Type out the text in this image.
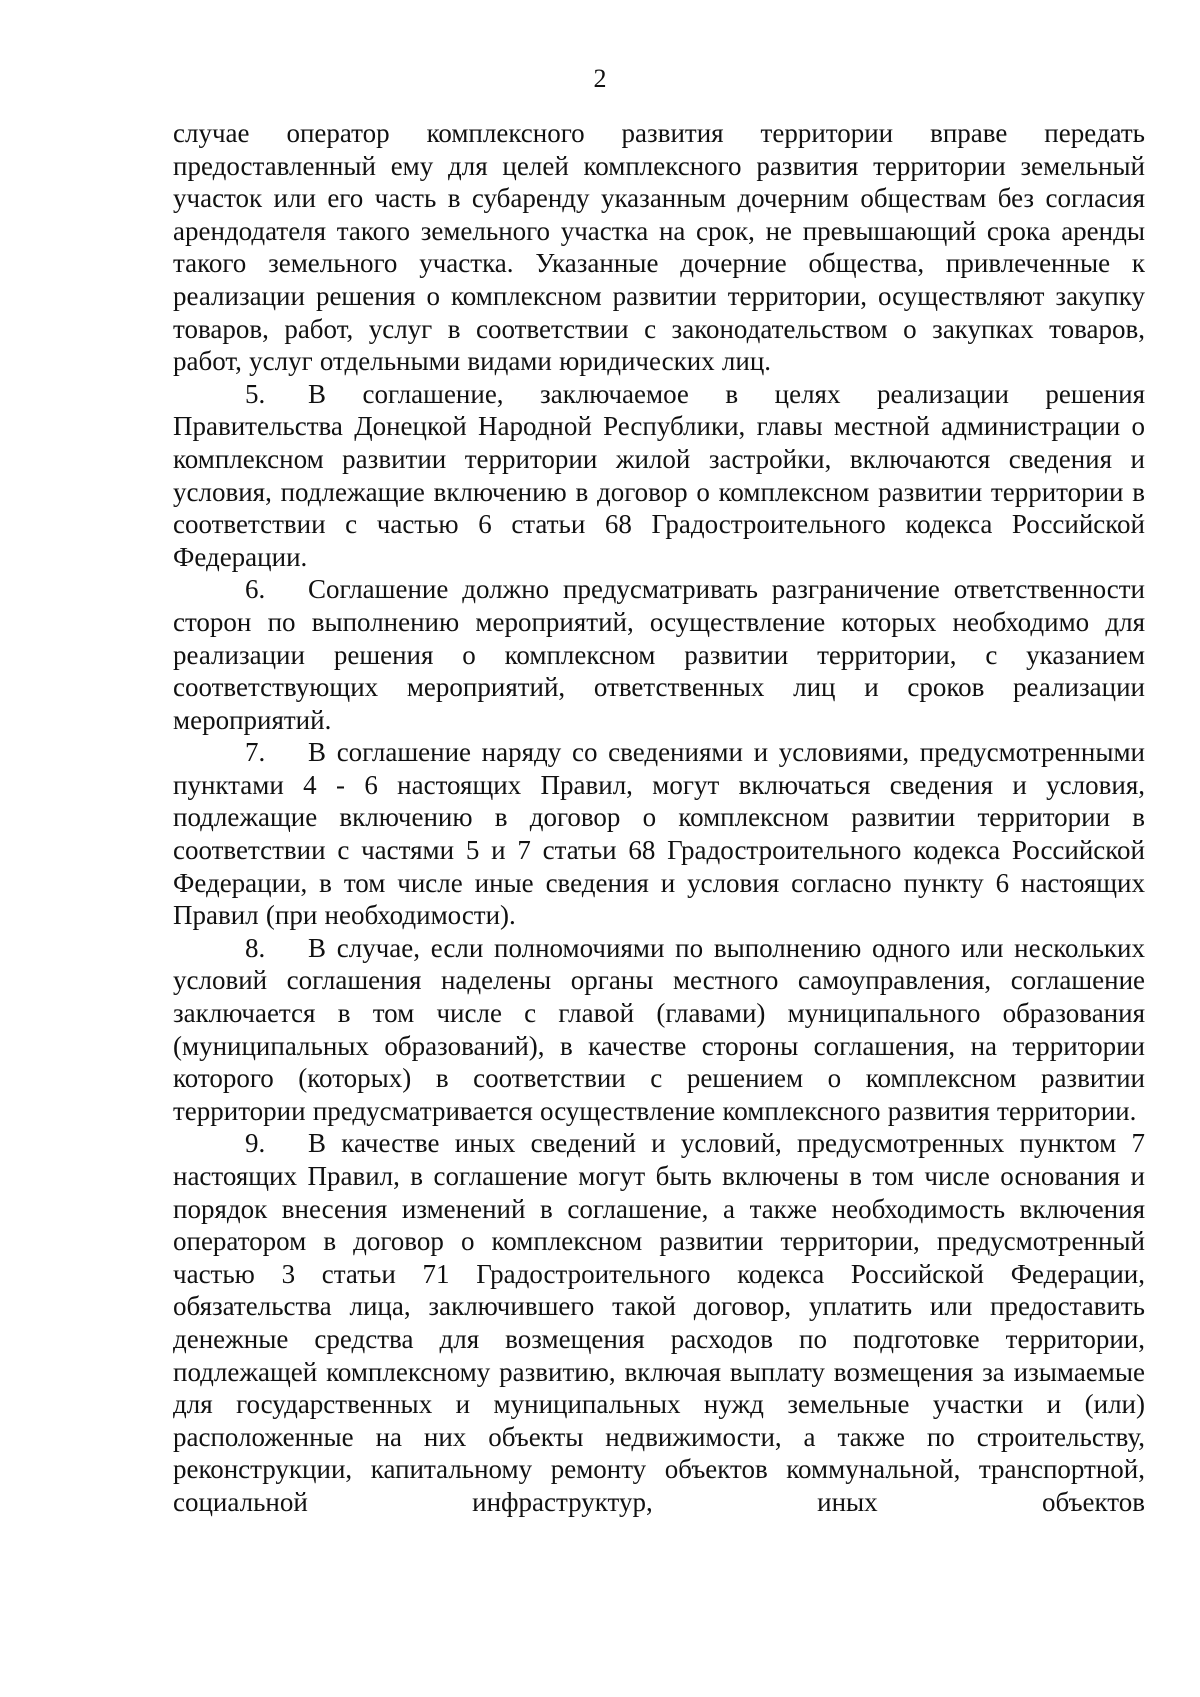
2

случае оператор комплексного развития территории вправе передать предоставленный ему для целей комплексного развития территории земельный участок или его часть в субаренду указанным дочерним обществам без согласия арендодателя такого земельного участка на срок, не превышающий срока аренды такого земельного участка. Указанные дочерние общества, привлеченные к реализации решения о комплексном развитии территории, осуществляют закупку товаров, работ, услуг в соответствии с законодательством о закупках товаров, работ, услуг отдельными видами юридических лиц.

5. В соглашение, заключаемое в целях реализации решения Правительства Донецкой Народной Республики, главы местной администрации о комплексном развитии территории жилой застройки, включаются сведения и условия, подлежащие включению в договор о комплексном развитии территории в соответствии с частью 6 статьи 68 Градостроительного кодекса Российской Федерации.

6. Соглашение должно предусматривать разграничение ответственности сторон по выполнению мероприятий, осуществление которых необходимо для реализации решения о комплексном развитии территории, с указанием соответствующих мероприятий, ответственных лиц и сроков реализации мероприятий.

7. В соглашение наряду со сведениями и условиями, предусмотренными пунктами 4 - 6 настоящих Правил, могут включаться сведения и условия, подлежащие включению в договор о комплексном развитии территории в соответствии с частями 5 и 7 статьи 68 Градостроительного кодекса Российской Федерации, в том числе иные сведения и условия согласно пункту 6 настоящих Правил (при необходимости).

8. В случае, если полномочиями по выполнению одного или нескольких условий соглашения наделены органы местного самоуправления, соглашение заключается в том числе с главой (главами) муниципального образования (муниципальных образований), в качестве стороны соглашения, на территории которого (которых) в соответствии с решением о комплексном развитии территории предусматривается осуществление комплексного развития территории.

9. В качестве иных сведений и условий, предусмотренных пунктом 7 настоящих Правил, в соглашение могут быть включены в том числе основания и порядок внесения изменений в соглашение, а также необходимость включения оператором в договор о комплексном развитии территории, предусмотренный частью 3 статьи 71 Градостроительного кодекса Российской Федерации, обязательства лица, заключившего такой договор, уплатить или предоставить денежные средства для возмещения расходов по подготовке территории, подлежащей комплексному развитию, включая выплату возмещения за изымаемые для государственных и муниципальных нужд земельные участки и (или) расположенные на них объекты недвижимости, а также по строительству, реконструкции, капитальному ремонту объектов коммунальной, транспортной, социальной инфраструктур, иных объектов
